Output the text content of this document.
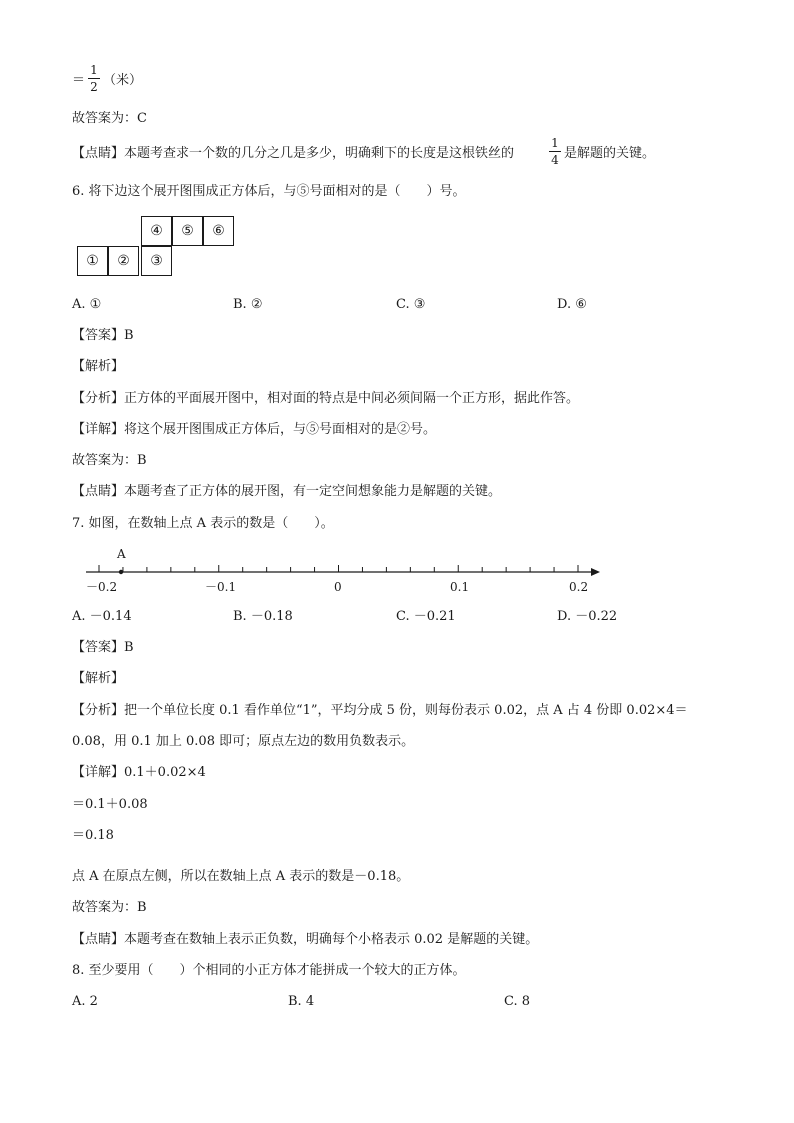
＝
1
2 （米）
故答案为：C
【点睛】本题考查求一个数的几分之几是多少，明确剩下的长度是这根铁丝的
1
4 是解题的关键。
6. 将下边这个展开图围成正方体后，与⑤号面相对的是（　　）号。
④	⑤	⑥
①	②	③
A. ①	B. ②	C. ③	D. ⑥
【答案】B
【解析】
【分析】正方体的平面展开图中，相对面的特点是中间必须间隔一个正方形，据此作答。
【详解】将这个展开图围成正方体后，与⑤号面相对的是②号。
故答案为：B
【点睛】本题考查了正方体的展开图，有一定空间想象能力是解题的关键。
7. 如图，在数轴上点 A 表示的数是（　　）。
A
－0.2	－0.1	0	0.1	0.2
A. －0.14	B. －0.18	C. －0.21	D. －0.22
【答案】B
【解析】
【分析】把一个单位长度 0.1 看作单位“1”，平均分成 5 份，则每份表示 0.02，点 A 占 4 份即 0.02×4＝
0.08，用 0.1 加上 0.08 即可；原点左边的数用负数表示。
【详解】0.1＋0.02×4
＝0.1＋0.08
＝0.18
点 A 在原点左侧，所以在数轴上点 A 表示的数是－0.18。
故答案为：B
【点睛】本题考查在数轴上表示正负数，明确每个小格表示 0.02 是解题的关键。
8. 至少要用（　　）个相同的小正方体才能拼成一个较大的正方体。
A. 2	B. 4	C. 8
